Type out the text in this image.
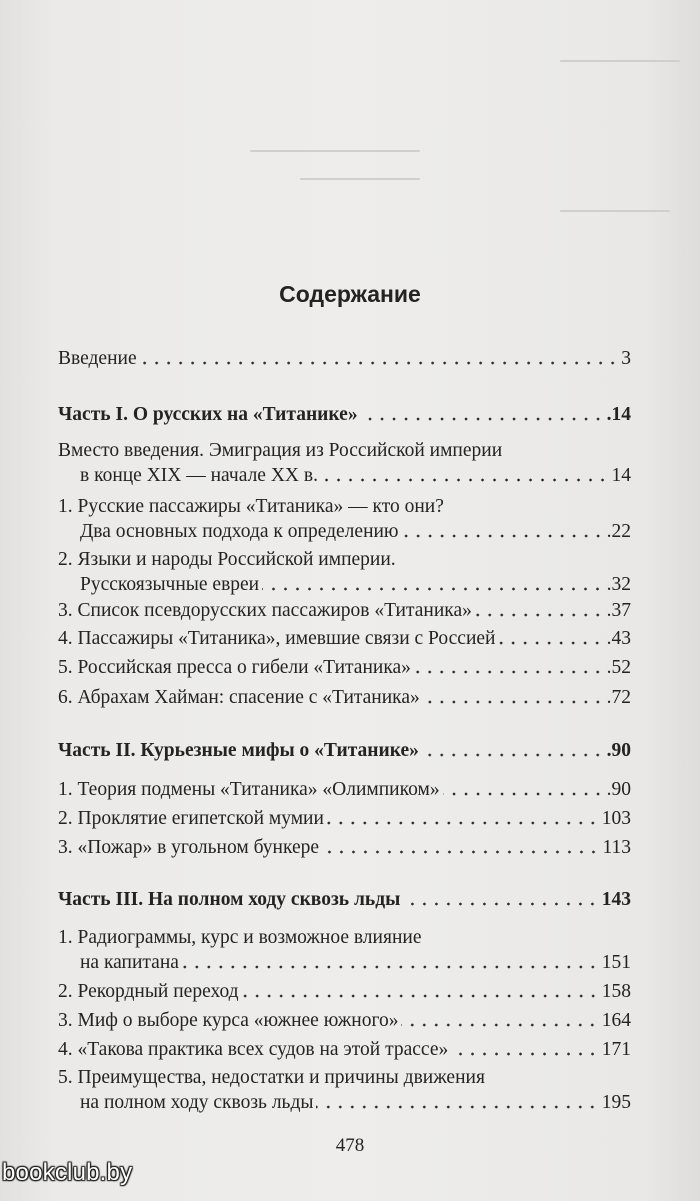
Содержание
Введение	3
Часть I. О русских на «Титанике»	.14
Вместо введения. Эмиграция из Российской империи
в конце XIX — начале XX в.	14
1. Русские пассажиры «Титаника» — кто они?
Два основных подхода к определению	.22
2. Языки и народы Российской империи.
Русскоязычные евреи	.32
3. Список псевдорусских пассажиров «Титаника»	.37
4. Пассажиры «Титаника», имевшие связи с Россией	.43
5. Российская пресса о гибели «Титаника»	.52
6. Абрахам Хайман: спасение с «Титаника»	.72
Часть II. Курьезные мифы о «Титанике»	.90
1. Теория подмены «Титаника» «Олимпиком»	.90
2. Проклятие египетской мумии	103
3. «Пожар» в угольном бункере	113
Часть III. На полном ходу сквозь льды	143
1. Радиограммы, курс и возможное влияние
на капитана	151
2. Рекордный переход	158
3. Миф о выборе курса «южнее южного»	164
4. «Такова практика всех судов на этой трассе»	171
5. Преимущества, недостатки и причины движения
на полном ходу сквозь льды	195
478
bookclub.by
